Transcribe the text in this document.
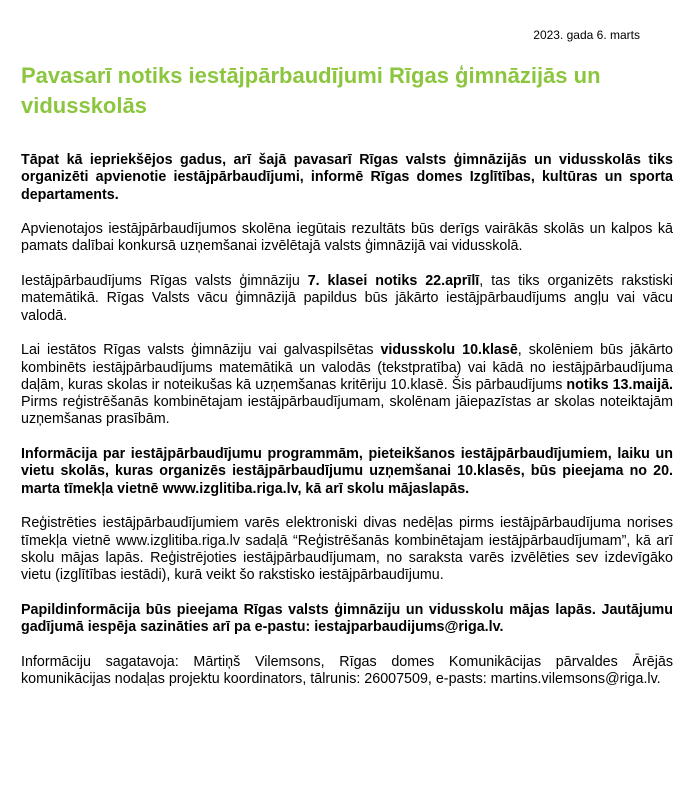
2023. gada 6. marts
Pavasarī notiks iestājpārbaudījumi Rīgas ģimnāzijās un vidusskolās

Tāpat kā iepriekšējos gadus, arī šajā pavasarī Rīgas valsts ģimnāzijās un vidusskolās tiks organizēti apvienotie iestājpārbaudījumi, informē Rīgas domes Izglītības, kultūras un sporta departaments.

Apvienotajos iestājpārbaudījumos skolēna iegūtais rezultāts būs derīgs vairākās skolās un kalpos kā pamats dalībai konkursā uzņemšanai izvēlētajā valsts ģimnāzijā vai vidusskolā.

Iestājpārbaudījums Rīgas valsts ģimnāziju 7. klasei notiks 22.aprīlī, tas tiks organizēts rakstiski matemātikā. Rīgas Valsts vācu ģimnāzijā papildus būs jākārto iestājpārbaudījums angļu vai vācu valodā.

Lai iestātos Rīgas valsts ģimnāziju vai galvaspilsētas vidusskolu 10.klasē, skolēniem būs jākārto kombinēts iestājpārbaudījums matemātikā un valodās (tekstpratība) vai kādā no iestājpārbaudījuma daļām, kuras skolas ir noteikušas kā uzņemšanas kritēriju 10.klasē. Šis pārbaudījums notiks 13.maijā. Pirms reģistrēšanās kombinētajam iestājpārbaudījumam, skolēnam jāiepazīstas ar skolas noteiktajām uzņemšanas prasībām.

Informācija par iestājpārbaudījumu programmām, pieteikšanos iestājpārbaudījumiem, laiku un vietu skolās, kuras organizēs iestājpārbaudījumu uzņemšanai 10.klasēs, būs pieejama no 20. marta tīmekļa vietnē www.izglitiba.riga.lv, kā arī skolu mājaslapās.

Reģistrēties iestājpārbaudījumiem varēs elektroniski divas nedēļas pirms iestājpārbaudījuma norises tīmekļa vietnē www.izglitiba.riga.lv sadaļā “Reģistrēšanās kombinētajam iestājpārbaudījumam”, kā arī skolu mājas lapās. Reģistrējoties iestājpārbaudījumam, no saraksta varēs izvēlēties sev izdevīgāko vietu (izglītības iestādi), kurā veikt šo rakstisko iestājpārbaudījumu.

Papildinformācija būs pieejama Rīgas valsts ģimnāziju un vidusskolu mājas lapās. Jautājumu gadījumā iespēja sazināties arī pa e-pastu: iestajparbaudijums@riga.lv.

Informāciju sagatavoja: Mārtiņš Vilemsons, Rīgas domes Komunikācijas pārvaldes Ārējās komunikācijas nodaļas projektu koordinators, tālrunis: 26007509, e-pasts: martins.vilemsons@riga.lv.
